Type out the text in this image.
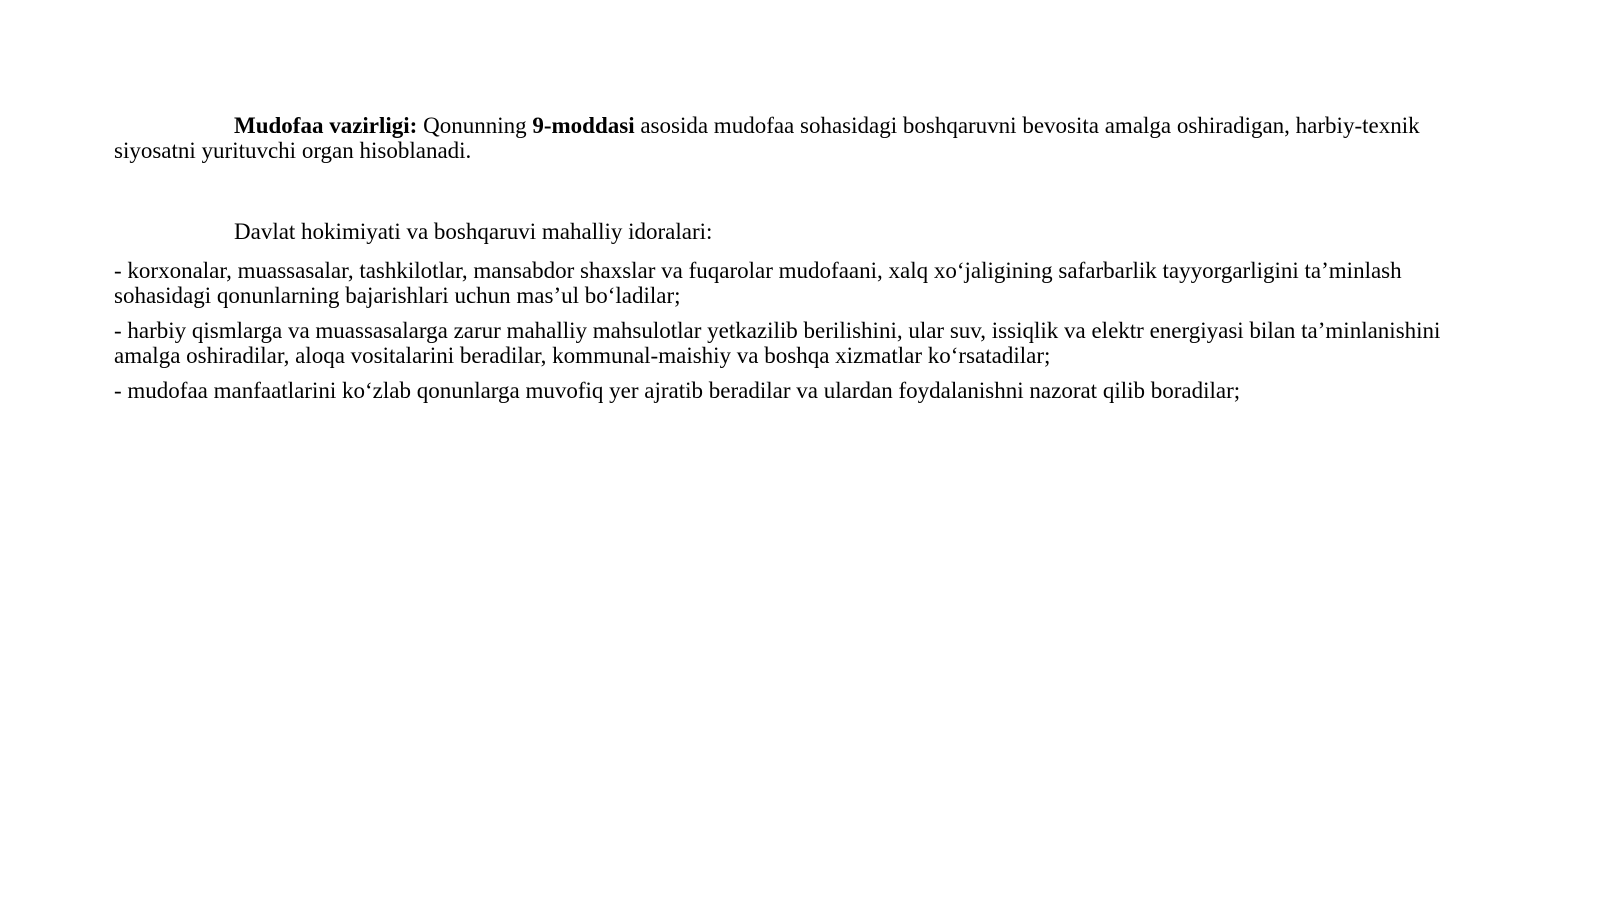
Mudofaa vazirligi: Qonunning 9-moddasi asosida mudofaa sohasidagi boshqaruvni bevosita amalga oshiradigan, harbiy-texnik siyosatni yurituvchi organ hisoblanadi.

Davlat hokimiyati va boshqaruvi mahalliy idoralari:

- korxonalar, muassasalar, tashkilotlar, mansabdor shaxslar va fuqarolar mudofaani, xalq xo‘jaligining safarbarlik tayyorgarligini ta’minlash sohasidagi qonunlarning bajarishlari uchun mas’ul bo‘ladilar;

- harbiy qismlarga va muassasalarga zarur mahalliy mahsulotlar yetkazilib berilishini, ular suv, issiqlik va elektr energiyasi bilan ta’minlanishini amalga oshiradilar, aloqa vositalarini beradilar, kommunal-maishiy va boshqa xizmatlar ko‘rsatadilar;

- mudofaa manfaatlarini ko‘zlab qonunlarga muvofiq yer ajratib beradilar va ulardan foydalanishni nazorat qilib boradilar;
